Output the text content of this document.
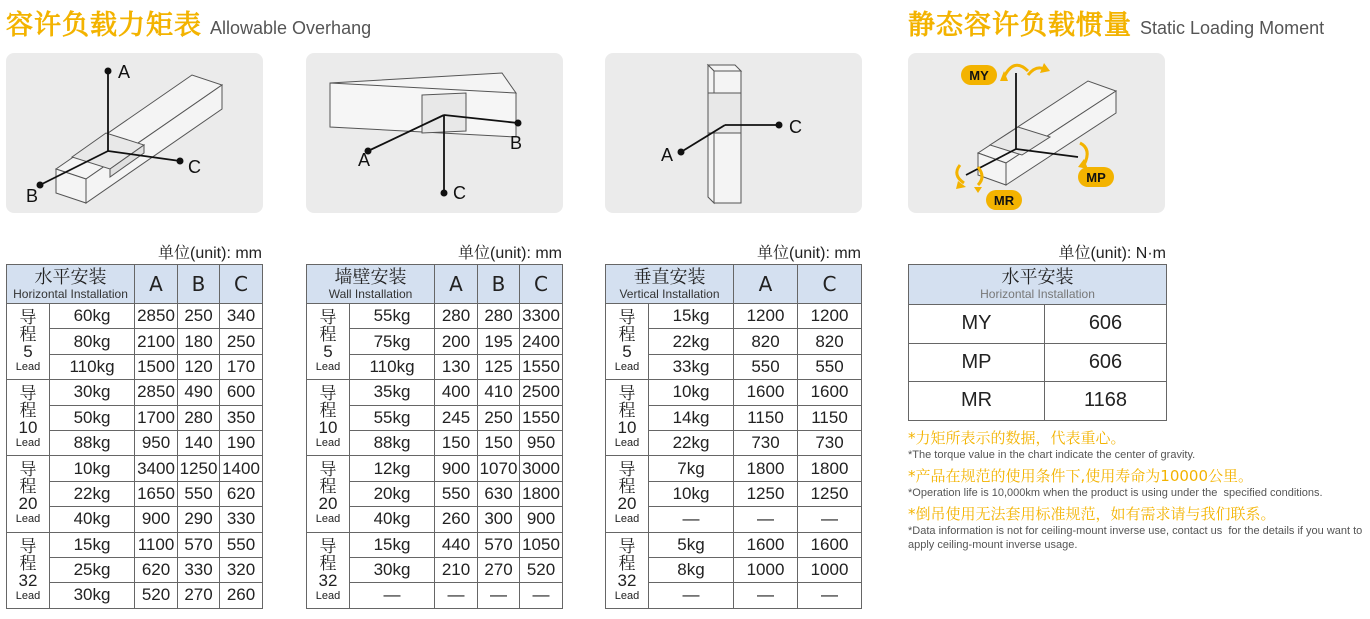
容许负载力矩表 Allowable Overhang	静态容许负载惯量 Static Loading Moment
A
C
B
A
B
C
A
C
MY
MP
MR
单位(unit): mm	单位(unit): mm	单位(unit): mm	单位(unit): N·m
水平安装
Horizontal Installation		A	B	C

导
程
5
Lead	60kg	2850	250	340
	80kg	2100	180	250
	110kg	1500	120	170

导
程
10
Lead	30kg	2850	490	600
	50kg	1700	280	350
	88kg	950	140	190

导
程
20
Lead	10kg	3400	1250	1400
	22kg	1650	550	620
	40kg	900	290	330

导
程
32
Lead	15kg	1100	570	550
	25kg	620	330	320
	30kg	520	270	260
墙壁安装
Wall Installation		A	B	C

导
程
5
Lead	55kg	280	280	3300
	75kg	200	195	2400
	110kg	130	125	1550

导
程
10
Lead	35kg	400	410	2500
	55kg	245	250	1550
	88kg	150	150	950

导
程
20
Lead	12kg	900	1070	3000
	20kg	550	630	1800
	40kg	260	300	900

导
程
32
Lead	15kg	440	570	1050
	30kg	210	270	520
	—	—	—	—
垂直安装
Vertical Installation		A	C

导
程
5
Lead	15kg	1200	1200
	22kg	820	820
	33kg	550	550

导
程
10
Lead	10kg	1600	1600
	14kg	1150	1150
	22kg	730	730

导
程
20
Lead	7kg	1800	1800
	10kg	1250	1250
	—	—	—

导
程
32
Lead	5kg	1600	1600
	8kg	1000	1000
	—	—	—
水平安装
Horizontal Installation	

MY	606
MP	606
MR	1168
*力矩所表示的数据，代表重心。
*The torque value in the chart indicate the center of gravity.
*产品在规范的使用条件下,使用寿命为10000公里。
*Operation life is 10,000km when the product is using under the  specified conditions.
*倒吊使用无法套用标准规范，如有需求请与我们联系。
*Data information is not for ceiling-mount inverse use, contact us  for the details if you want to apply ceiling-mount inverse usage.
